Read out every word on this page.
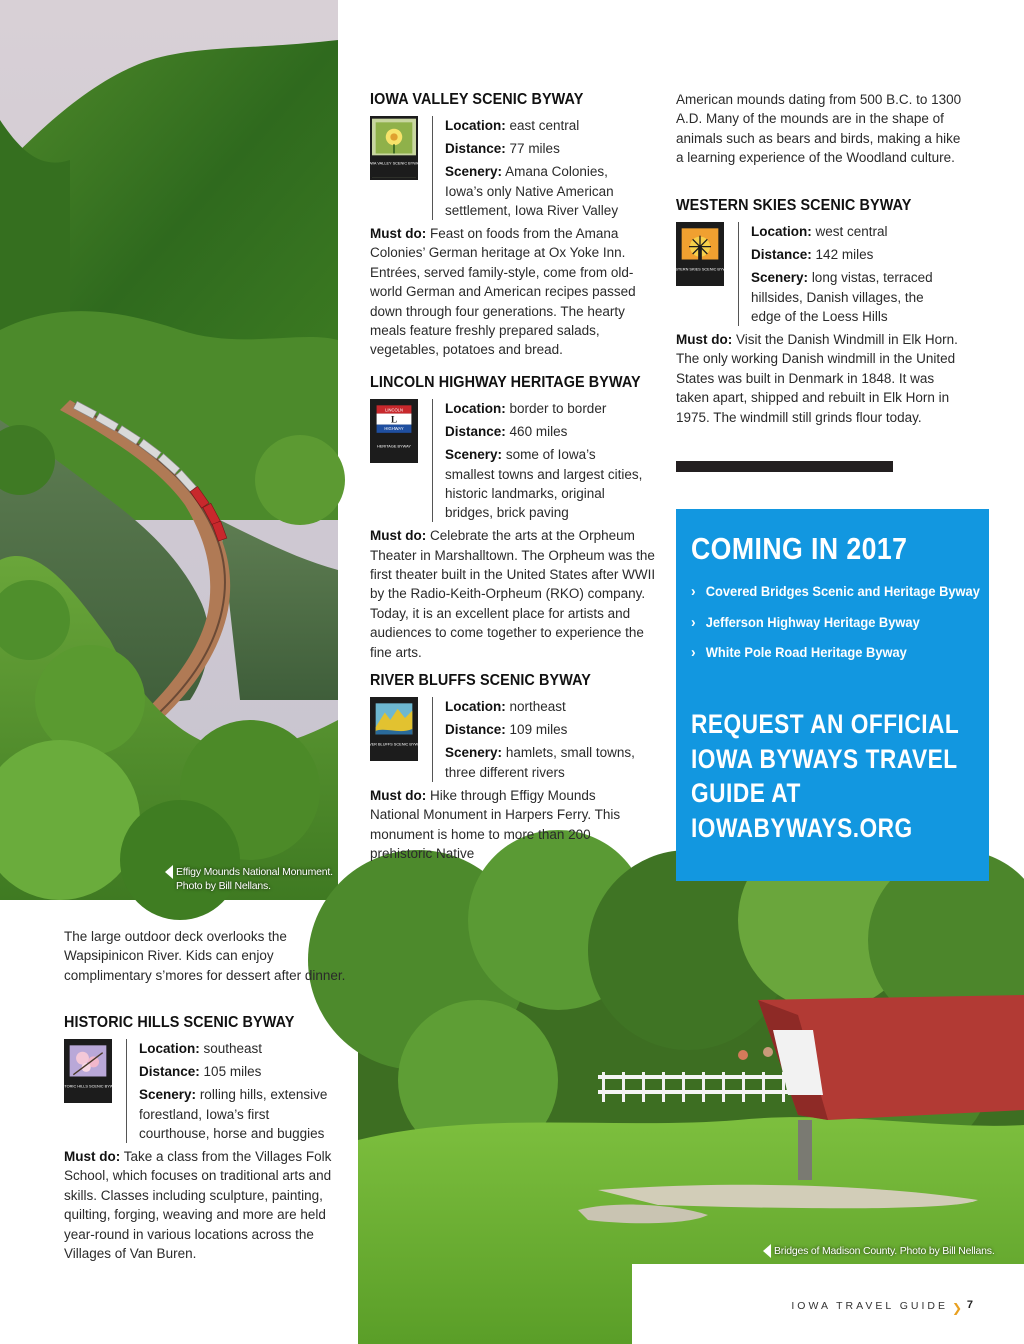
Effigy Mounds National Monument. Photo by Bill Nellans.
Bridges of Madison County. Photo by Bill Nellans.
IOWA VALLEY SCENIC BYWAY
IOWA VALLEY SCENIC BYWAY
Location: east central
Distance: 77 miles
Scenery: Amana Colonies, Iowa’s only Native American settlement, Iowa River Valley
Must do: Feast on foods from the Amana Colonies’ German heritage at Ox Yoke Inn. Entrées, served family-style, come from old-world German and American recipes passed down through four generations. The hearty meals feature freshly prepared salads, vegetables, potatoes and bread.
LINCOLN HIGHWAY HERITAGE BYWAY
LINCOLN
L
HIGHWAY
HERITAGE BYWAY
Location: border to border
Distance: 460 miles
Scenery: some of Iowa’s smallest towns and largest cities, historic landmarks, original bridges, brick paving
Must do: Celebrate the arts at the Orpheum Theater in Marshalltown. The Orpheum was the first theater built in the United States after WWII by the Radio-Keith-Orpheum (RKO) company. Today, it is an excellent place for artists and audiences to come together to experience the fine arts.
RIVER BLUFFS SCENIC BYWAY
RIVER BLUFFS SCENIC BYWAY
Location: northeast
Distance: 109 miles
Scenery: hamlets, small towns, three different rivers
Must do: Hike through Effigy Mounds National Monument in Harpers Ferry. This monument is home to more than 200 prehistoric Native
American mounds dating from 500 B.C. to 1300 A.D. Many of the mounds are in the shape of animals such as bears and birds, making a hike a learning experience of the Woodland culture.
WESTERN SKIES SCENIC BYWAY
WESTERN SKIES SCENIC BYWAY
Location: west central
Distance: 142 miles
Scenery: long vistas, terraced hillsides, Danish villages, the edge of the Loess Hills
Must do: Visit the Danish Windmill in Elk Horn. The only working Danish windmill in the United States was built in Denmark in 1848. It was taken apart, shipped and rebuilt in Elk Horn in 1975. The windmill still grinds flour today.
COMING IN 2017
› Covered Bridges Scenic and Heritage Byway
› Jefferson Highway Heritage Byway
› White Pole Road Heritage Byway
REQUEST AN OFFICIAL IOWA BYWAYS TRAVEL GUIDE AT IOWABYWAYS.ORG
The large outdoor deck overlooks the Wapsipinicon River. Kids can enjoy complimentary s’mores for dessert after dinner.
HISTORIC HILLS SCENIC BYWAY
HISTORIC HILLS SCENIC BYWAY
Location: southeast
Distance: 105 miles
Scenery: rolling hills, extensive forestland, Iowa’s first courthouse, horse and buggies
Must do: Take a class from the Villages Folk School, which focuses on traditional arts and skills. Classes including sculpture, painting, quilting, forging, weaving and more are held year-round in various locations across the Villages of Van Buren.
IOWA TRAVEL GUIDE ❯ 7
